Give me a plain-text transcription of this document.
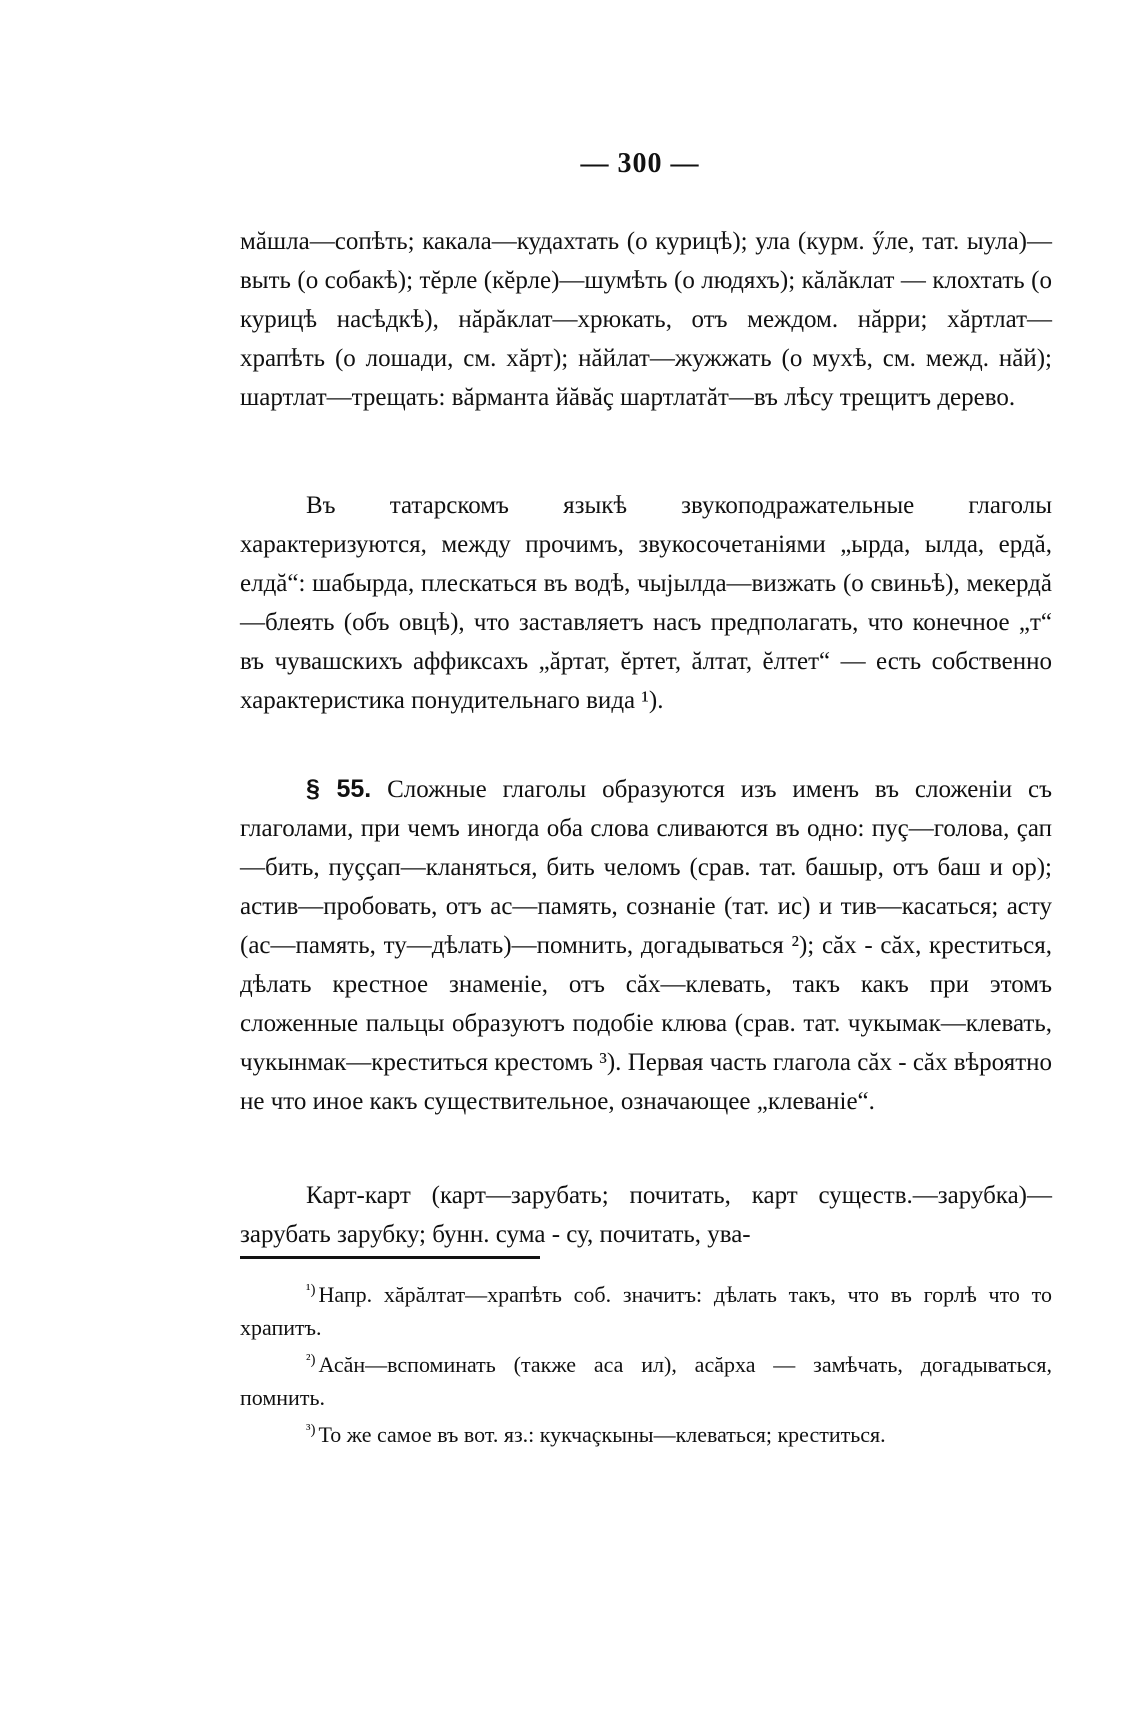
— 300 —

мăшла—сопѣть; какала—кудахтать (о курицѣ); ула (курм. ӳле, тат. ыула)—выть (о собакѣ); тĕрле (кĕрле)—шумѣть (о людяхъ); кăлăклат — клохтать (о курицѣ насѣдкѣ), нăрăклат—хрюкать, отъ междом. нăрри; хăртлат—храпѣть (о лошади, см. хăрт); нăйлат—жужжать (о мухѣ, см. межд. нăй); шартлат—трещать: вăрманта йăвăç шартлатăт—въ лѣсу трещитъ дерево.

Въ татарскомъ языкѣ звукоподражательные глаголы характеризуются, между прочимъ, звукосочетаніями „ырда, ылда, ердă, елдă“: шабырда, плескаться въ водѣ, чыјылда—визжать (о свиньѣ), мекердă—блеять (объ овцѣ), что заставляетъ насъ предполагать, что конечное „т“ въ чувашскихъ аффиксахъ „ăртат, ĕртет, ăлтат, ĕлтет“ — есть собственно характеристика понудительнаго вида ¹).

§ 55. Сложные глаголы образуются изъ именъ въ сложеніи съ глаголами, при чемъ иногда оба слова сливаются въ одно: пуç—голова, çап—бить, пуççап—кланяться, бить челомъ (срав. тат. башыр, отъ баш и ор); астив—пробовать, отъ ас—память, сознаніе (тат. ис) и тив—касаться; асту (ас—память, ту—дѣлать)—помнить, догадываться ²); сăх - сăх, креститься, дѣлать крестное знаменіе, отъ сăх—клевать, такъ какъ при этомъ сложенные пальцы образуютъ подобіе клюва (срав. тат. чукымак—клевать, чукынмак—креститься крестомъ ³). Первая часть глагола сăх - сăх вѣроятно не что иное какъ существительное, означающее „клеваніе“.

Карт-карт (карт—зарубать; почитать, карт существ.—зарубка)—зарубать зарубку; бунн. сума - су, почитать, ува-

$^{^1)}$ Напр. хăрăлтат—храпѣть соб. значитъ: дѣлать такъ, что въ горлѣ что то храпитъ.

$^{^2)}$ Асăн—вспоминать (также аса ил), асăрха — замѣчать, догадываться, помнить.

$^{^3)}$ То же самое въ вот. яз.: кукчаçкыны—клеваться; креститься.
